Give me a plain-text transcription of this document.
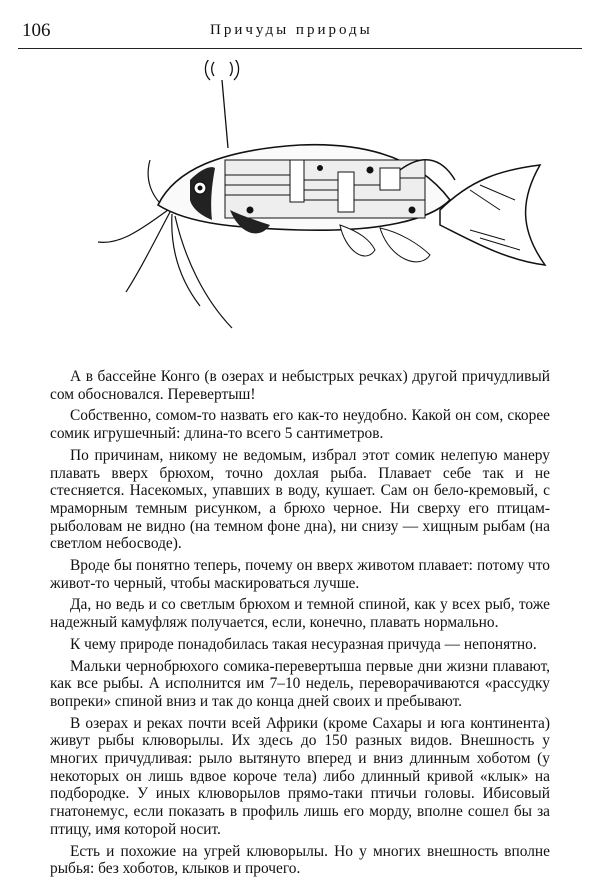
106	Причуды природы

А в бассейне Конго (в озерах и небыстрых речках) другой причудливый сом обосновался. Перевертыш!

Собственно, сомом-то назвать его как-то неудобно. Какой он сом, скорее сомик игрушечный: длина-то всего 5 сантиметров.

По причинам, никому не ведомым, избрал этот сомик нелепую манеру плавать вверх брюхом, точно дохлая рыба. Плавает себе так и не стесняется. Насекомых, упавших в воду, кушает. Сам он бело-кремовый, с мраморным темным рисунком, а брюхо черное. Ни сверху его птицам-рыболовам не видно (на темном фоне дна), ни снизу — хищным рыбам (на светлом небосводе).

Вроде бы понятно теперь, почему он вверх животом плавает: потому что живот-то черный, чтобы маскироваться лучше.

Да, но ведь и со светлым брюхом и темной спиной, как у всех рыб, тоже надежный камуфляж получается, если, конечно, плавать нормально.

К чему природе понадобилась такая несуразная причуда — непонятно.

Мальки чернобрюхого сомика-перевертыша первые дни жизни плавают, как все рыбы. А исполнится им 7–10 недель, переворачиваются «рассудку вопреки» спиной вниз и так до конца дней своих и пребывают.

В озерах и реках почти всей Африки (кроме Сахары и юга континента) живут рыбы клюворылы. Их здесь до 150 разных видов. Внешность у многих причудливая: рыло вытянуто вперед и вниз длинным хоботом (у некоторых он лишь вдвое короче тела) либо длинный кривой «клык» на подбородке. У иных клюворылов прямо-таки птичьи головы. Ибисовый гнатонемус, если показать в профиль лишь его морду, вполне сошел бы за птицу, имя которой носит.

Есть и похожие на угрей клюворылы. Но у многих внешность вполне рыбья: без хоботов, клыков и прочего.
